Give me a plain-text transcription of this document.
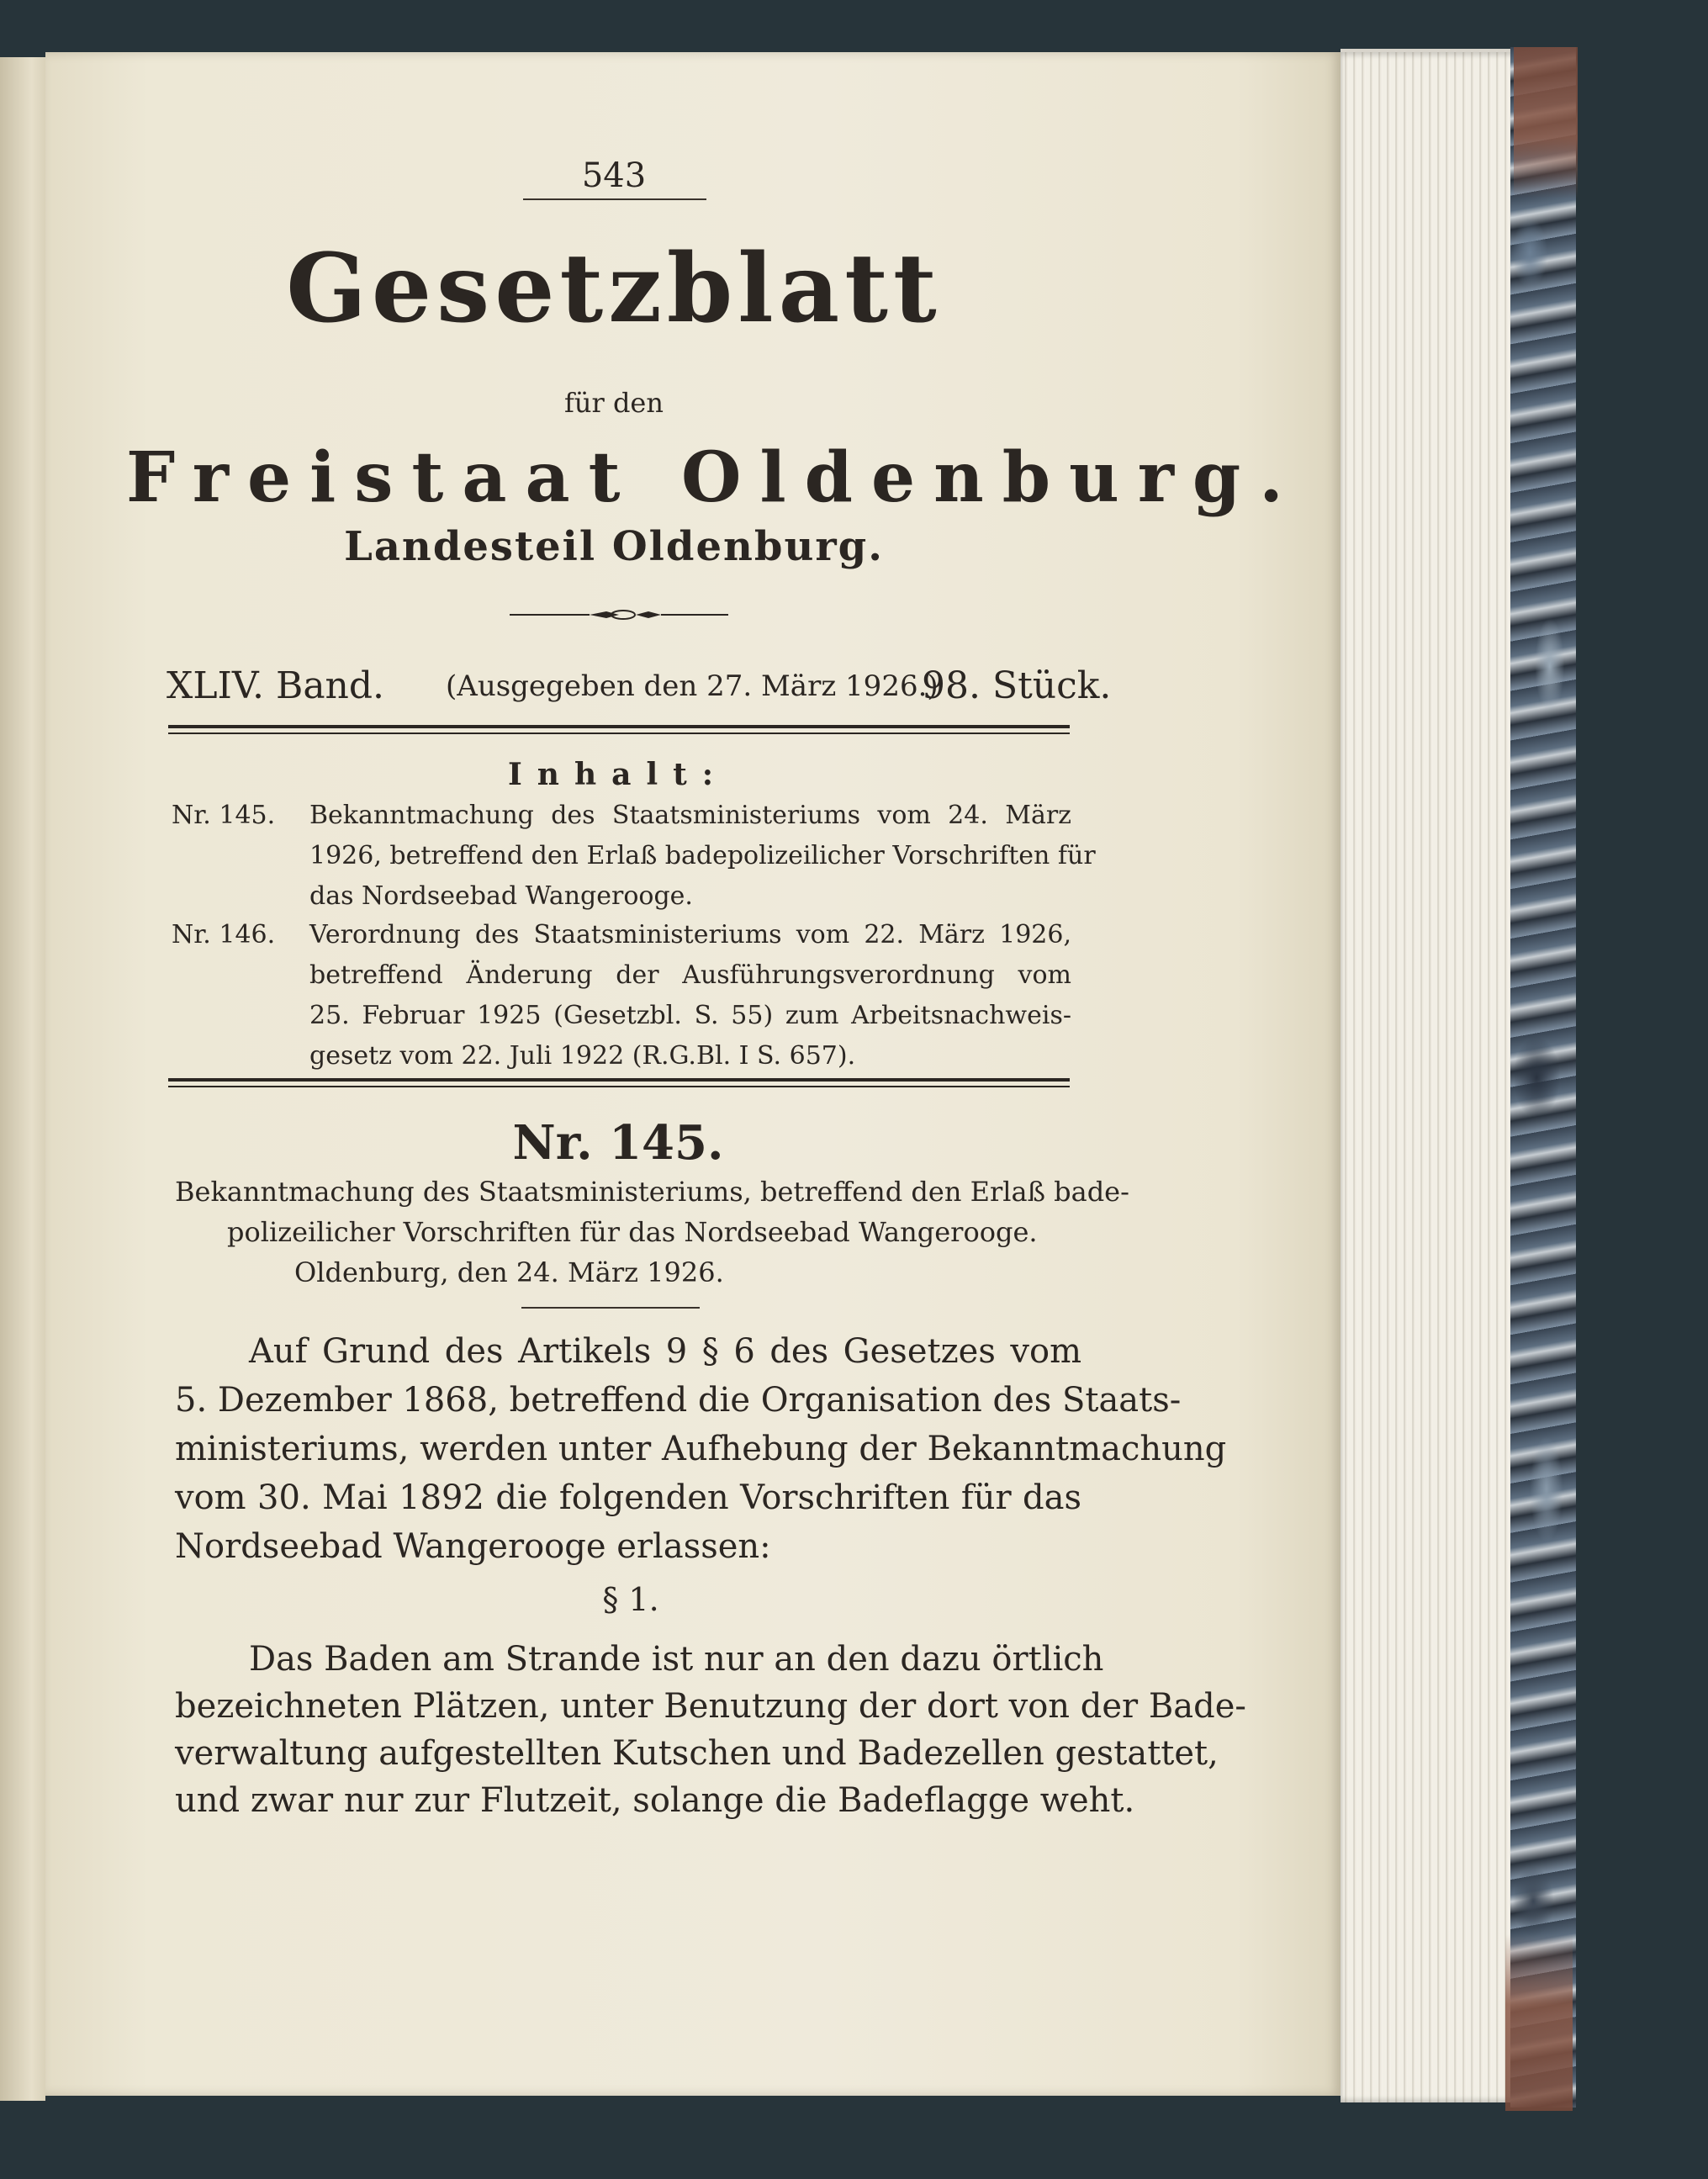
543
Gesetzblatt
für den
Freistaat Oldenburg.
Landesteil Oldenburg.
XLIV. Band. (Ausgegeben den 27. März 1926.)
98. Stück.
Inhalt:
Nr. 145. Bekanntmachung des Staatsministeriums vom 24. März
1926, betreffend den Erlaß badepolizeilicher Vorschriften für
das Nordseebad Wangerooge.
Nr. 146. Verordnung des Staatsministeriums vom 22. März 1926,
betreffend Änderung der Ausführungsverordnung vom
25. Februar 1925 (Gesetzbl. S. 55) zum Arbeitsnachweis-
gesetz vom 22. Juli 1922 (R.G.Bl. I S. 657).
Nr. 145.
Bekanntmachung des Staatsministeriums, betreffend den Erlaß bade-
polizeilicher Vorschriften für das Nordseebad Wangerooge.
Oldenburg, den 24. März 1926.
Auf Grund des Artikels 9 § 6 des Gesetzes vom
5. Dezember 1868, betreffend die Organisation des Staats-
ministeriums, werden unter Aufhebung der Bekanntmachung
vom 30. Mai 1892 die folgenden Vorschriften für das
Nordseebad Wangerooge erlassen:
§ 1.
Das Baden am Strande ist nur an den dazu örtlich
bezeichneten Plätzen, unter Benutzung der dort von der Bade-
verwaltung aufgestellten Kutschen und Badezellen gestattet,
und zwar nur zur Flutzeit, solange die Badeflagge weht.
